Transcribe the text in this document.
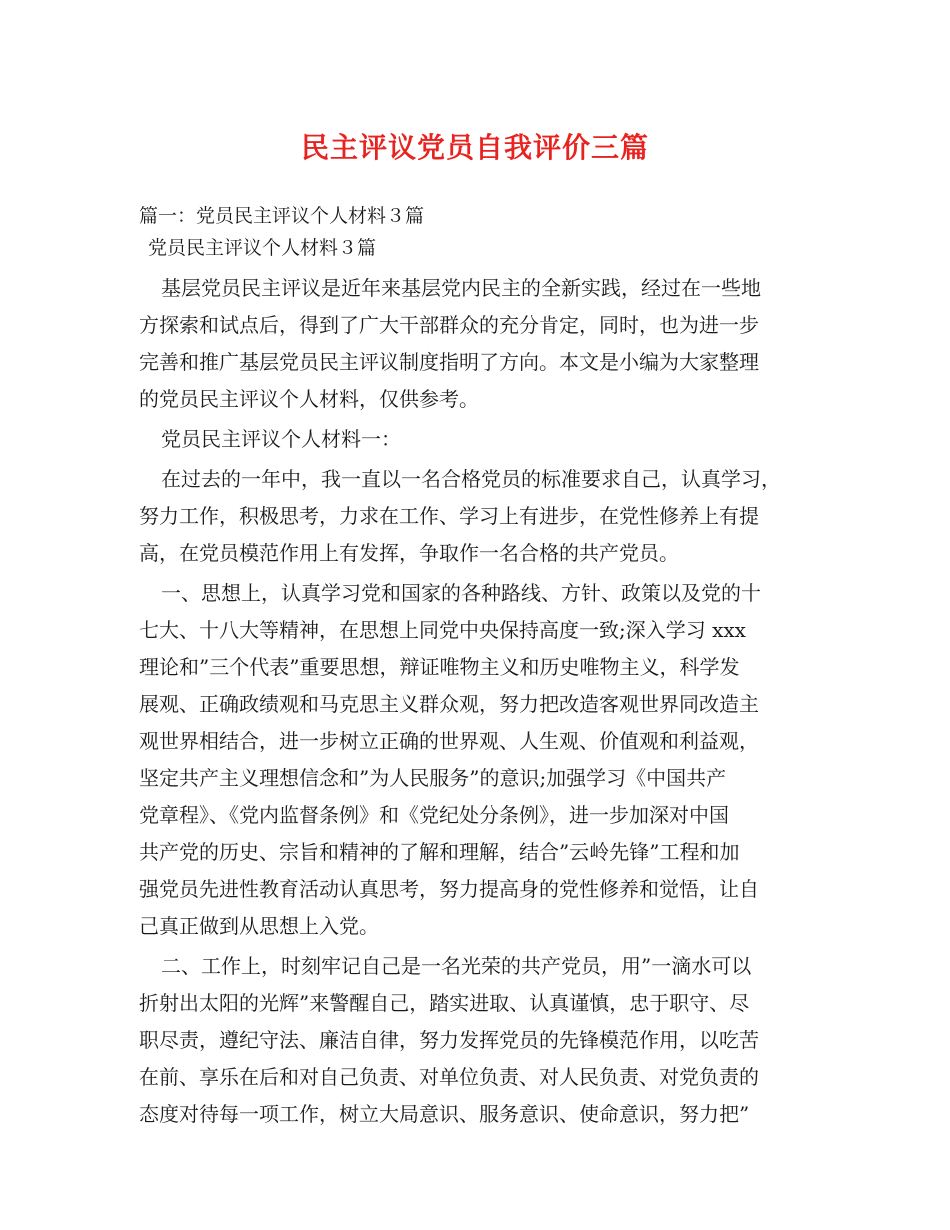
民主评议党员自我评价三篇
篇一：党员民主评议个人材料３篇
党员民主评议个人材料３篇

基层党员民主评议是近年来基层党内民主的全新实践，经过在一些地

方探索和试点后，得到了广大干部群众的充分肯定，同时，也为进一步

完善和推广基层党员民主评议制度指明了方向。本文是小编为大家整理

的党员民主评议个人材料，仅供参考。

党员民主评议个人材料一：

在过去的一年中，我一直以一名合格党员的标准要求自己，认真学习，

努力工作，积极思考，力求在工作、学习上有进步，在党性修养上有提

高，在党员模范作用上有发挥，争取作一名合格的共产党员。

一、思想上，认真学习党和国家的各种路线、方针、政策以及党的十

七大、十八大等精神，在思想上同党中央保持高度一致;深入学习 xxx

理论和”三个代表”重要思想，辩证唯物主义和历史唯物主义，科学发

展观、正确政绩观和马克思主义群众观，努力把改造客观世界同改造主

观世界相结合，进一步树立正确的世界观、人生观、价值观和利益观，

坚定共产主义理想信念和”为人民服务”的意识;加强学习《中国共产

党章程》、《党内监督条例》和《党纪处分条例》，进一步加深对中国

共产党的历史、宗旨和精神的了解和理解，结合”云岭先锋”工程和加

强党员先进性教育活动认真思考，努力提高身的党性修养和觉悟，让自

己真正做到从思想上入党。

二、工作上，时刻牢记自己是一名光荣的共产党员，用”一滴水可以

折射出太阳的光辉”来警醒自己，踏实进取、认真谨慎，忠于职守、尽

职尽责，遵纪守法、廉洁自律，努力发挥党员的先锋模范作用，以吃苦

在前、享乐在后和对自己负责、对单位负责、对人民负责、对党负责的

态度对待每一项工作，树立大局意识、服务意识、使命意识，努力把”
